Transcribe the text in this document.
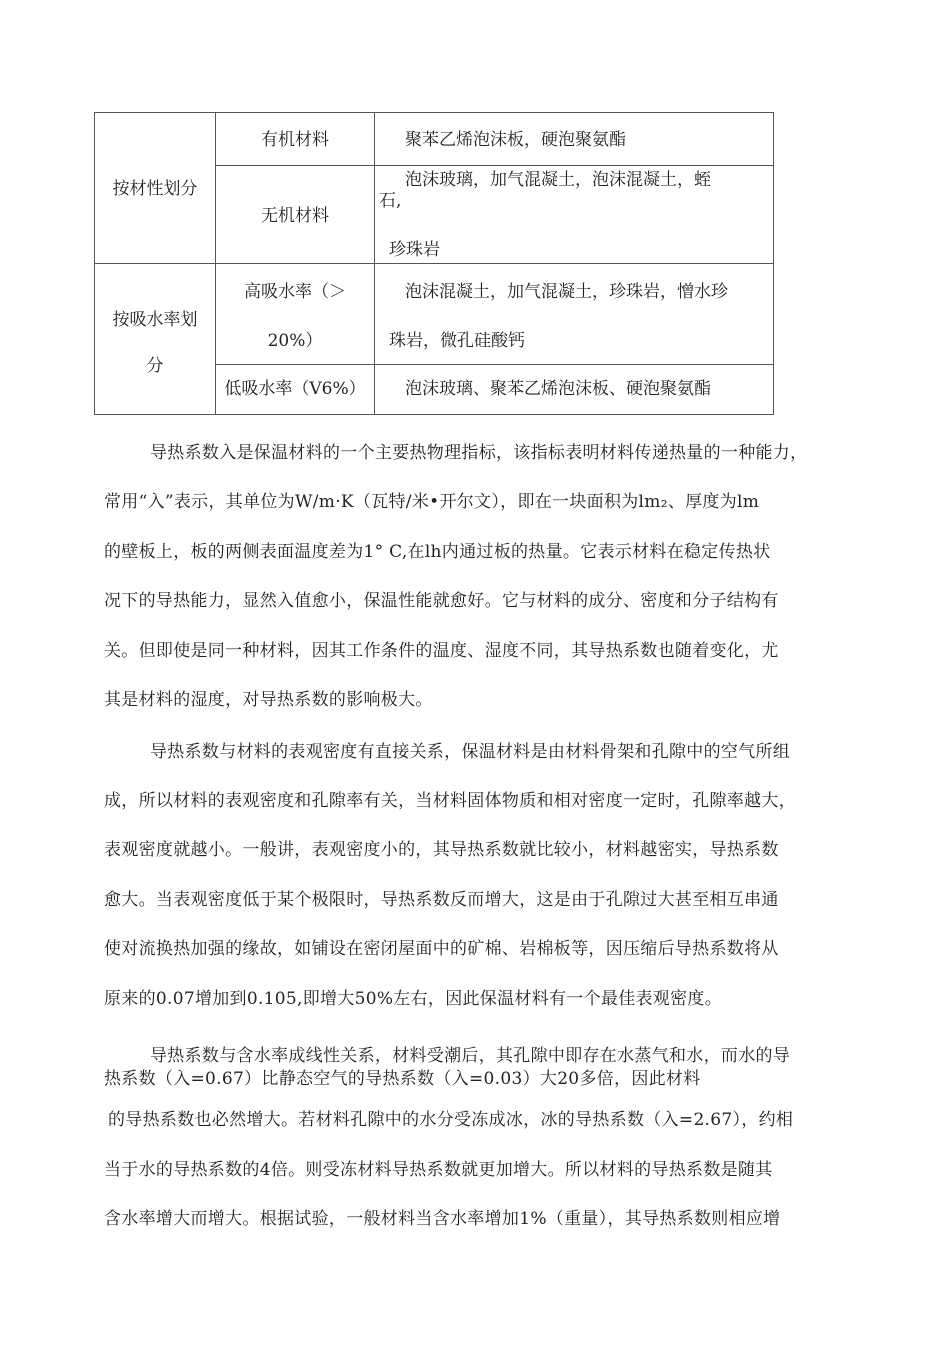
按材性划分
有机材料	聚苯乙烯泡沫板，硬泡聚氨酯
无机材料
泡沫玻璃，加气混凝土，泡沫混凝土，蛭
石,
珍珠岩
按吸水率划
分
高吸水率（＞
20%）
泡沫混凝土，加气混凝土，珍珠岩，憎水珍
珠岩，微孔硅酸钙
低吸水率（V6%）	泡沫玻璃、聚苯乙烯泡沫板、硬泡聚氨酯
导热系数入是保温材料的一个主要热物理指标，该指标表明材料传递热量的一种能力，
常用“入”表示，其单位为W/m·K（瓦特/米•开尔文），即在一块面积为lm₂、厚度为lm
的壁板上，板的两侧表面温度差为1° C,在lh内通过板的热量。它表示材料在稳定传热状
况下的导热能力，显然入值愈小，保温性能就愈好。它与材料的成分、密度和分子结构有
关。但即使是同一种材料，因其工作条件的温度、湿度不同，其导热系数也随着变化，尤
其是材料的湿度，对导热系数的影响极大。
导热系数与材料的表观密度有直接关系，保温材料是由材料骨架和孔隙中的空气所组
成，所以材料的表观密度和孔隙率有关，当材料固体物质和相对密度一定时，孔隙率越大，
表观密度就越小。一般讲，表观密度小的，其导热系数就比较小，材料越密实，导热系数
愈大。当表观密度低于某个极限时，导热系数反而增大，这是由于孔隙过大甚至相互串通
使对流换热加强的缘故，如铺设在密闭屋面中的矿棉、岩棉板等，因压缩后导热系数将从
原来的0.07增加到0.105,即增大50%左右，因此保温材料有一个最佳表观密度。
导热系数与含水率成线性关系，材料受潮后，其孔隙中即存在水蒸气和水，而水的导
热系数（入=0.67）比静态空气的导热系数（入=0.03）大20多倍，因此材料
的导热系数也必然增大。若材料孔隙中的水分受冻成冰，冰的导热系数（入=2.67），约相
当于水的导热系数的4倍。则受冻材料导热系数就更加增大。所以材料的导热系数是随其
含水率增大而增大。根据试验，一般材料当含水率增加1%（重量），其导热系数则相应增
